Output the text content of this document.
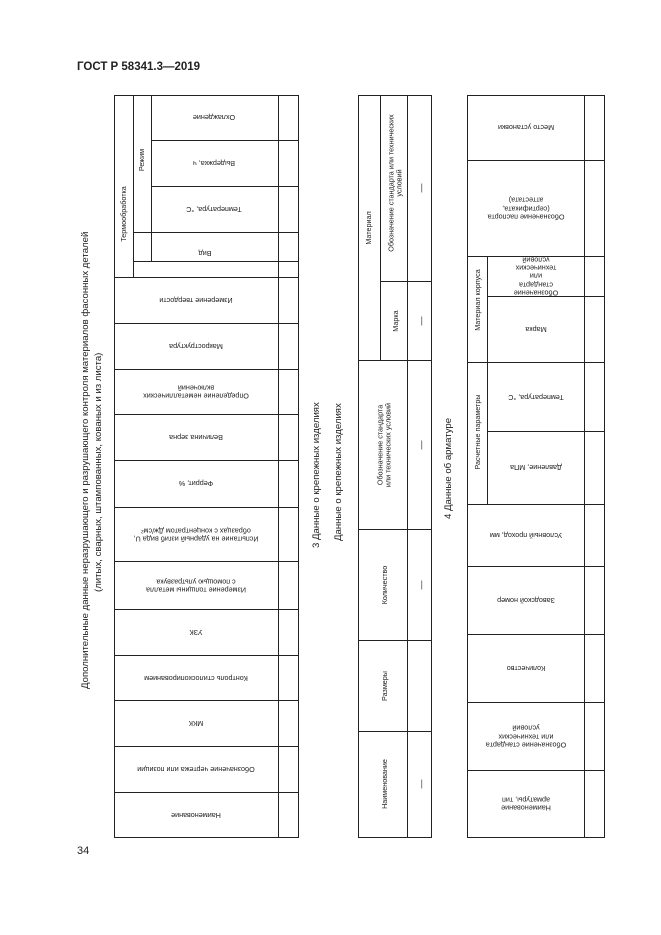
ГОСТ Р 58341.3—2019
Дополнительные данные неразрушающего и разрушающего контроля материалов фасонных деталей (литых, сварных, штампованных, кованых и из листа)
Термообработка
Режим
Наименование
Обозначение чертежа или позиции
МКК
Контроль стилоскопированием
УЗК
Измерение толщины металла
с помощью ультразвука
Испытание на ударный изгиб вида U,
образцах с концентратом Дж/см²
Феррит, %
Величина зерна
Определение неметаллических
включений
Макроструктура
Измерение твердости
Вид
Температура, °С
Выдержка, ч
Охлаждение
3 Данные о крепежных изделиях Данные о крепежных изделиях
Материал
Наименование
Размеры
Количество
Обозначение стандарта
или технических условий
Марка
Обозначение стандарта или технических
условий
—
—
—
—
—
4 Данные об арматуре	Расчетные параметры
Материал корпуса
Наименование
арматуры, тип
Обозначение стандарта
или технических
условий
Количество
Заводской номер
Условный проход, мм
Давление, МПа
Температура, °С
Марка
Обозначение
стандарта
или
технических
условий
Обозначение паспорта
(сертификата,
аттестата)
Место установки
34
